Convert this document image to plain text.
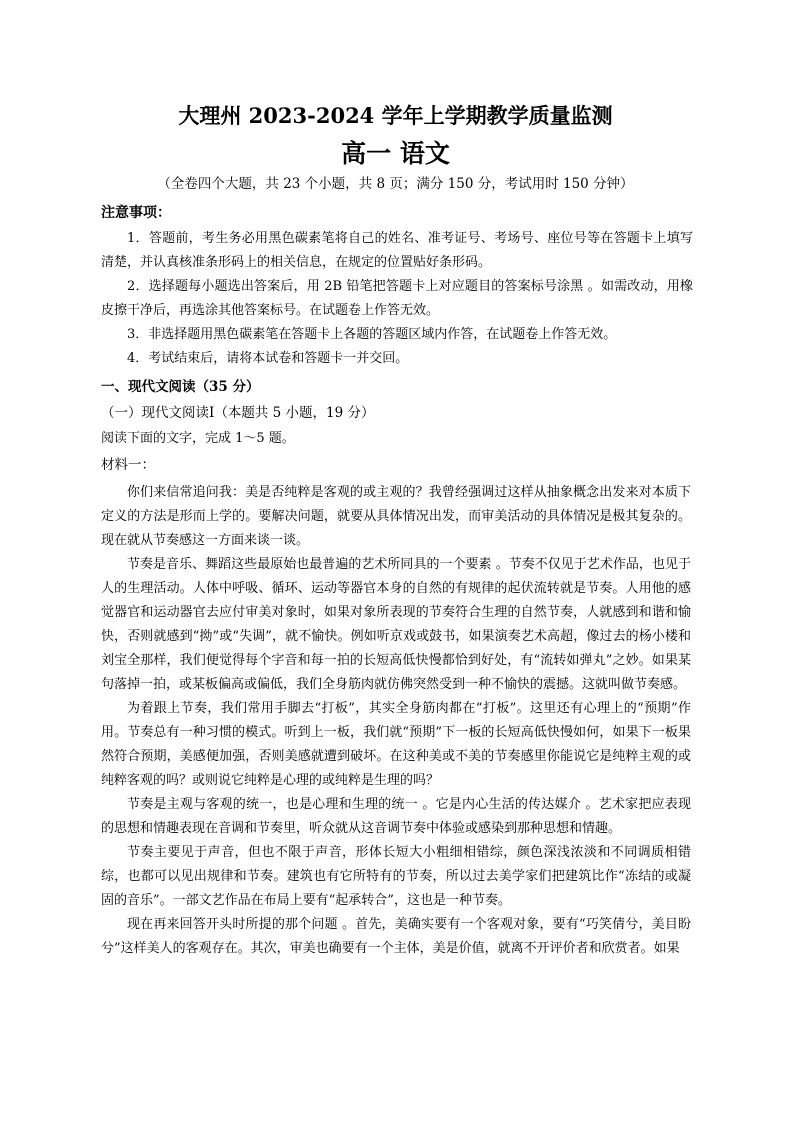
大理州 2023-2024 学年上学期教学质量监测
高一 语文
（全卷四个大题，共 23 个小题，共 8 页；满分 150 分，考试用时 150 分钟）
注意事项：
1．答题前，考生务必用黑色碳素笔将自己的姓名、准考证号、考场号、座位号等在答题卡上填写清楚，并认真核准条形码上的相关信息，在规定的位置贴好条形码。
2．选择题每小题选出答案后，用 2B 铅笔把答题卡上对应题目的答案标号涂黑 。如需改动，用橡皮擦干净后，再选涂其他答案标号。在试题卷上作答无效。
3．非选择题用黑色碳素笔在答题卡上各题的答题区域内作答，在试题卷上作答无效。
4．考试结束后，请将本试卷和答题卡一并交回。
一、现代文阅读（35 分）
（一）现代文阅读Ⅰ（本题共 5 小题，19 分）
阅读下面的文字，完成 1～5 题。
材料一：

你们来信常追问我：美是否纯粹是客观的或主观的？我曾经强调过这样从抽象概念出发来对本质下定义的方法是形而上学的。要解决问题，就要从具体情况出发，而审美活动的具体情况是极其复杂的。现在就从节奏感这一方面来谈一谈。

节奏是音乐、舞蹈这些最原始也最普遍的艺术所同具的一个要素 。节奏不仅见于艺术作品，也见于人的生理活动。人体中呼吸、循环、运动等器官本身的自然的有规律的起伏流转就是节奏。人用他的感觉器官和运动器官去应付审美对象时，如果对象所表现的节奏符合生理的自然节奏，人就感到和谐和愉快，否则就感到“拗”或“失调”，就不愉快。例如听京戏或鼓书，如果演奏艺术高超，像过去的杨小楼和刘宝全那样，我们便觉得每个字音和每一拍的长短高低快慢都恰到好处，有“流转如弹丸”之妙。如果某句落掉一拍，或某板偏高或偏低，我们全身筋肉就仿佛突然受到一种不愉快的震撼。这就叫做节奏感。

为着跟上节奏，我们常用手脚去“打板”，其实全身筋肉都在“打板”。这里还有心理上的“预期”作用。节奏总有一种习惯的模式。听到上一板，我们就“预期”下一板的长短高低快慢如何，如果下一板果然符合预期，美感便加强，否则美感就遭到破坏。在这种美或不美的节奏感里你能说它是纯粹主观的或纯粹客观的吗？或则说它纯粹是心理的或纯粹是生理的吗？

节奏是主观与客观的统一，也是心理和生理的统一 。它是内心生活的传达媒介 。艺术家把应表现的思想和情趣表现在音调和节奏里，听众就从这音调节奏中体验或感染到那种思想和情趣。

节奏主要见于声音，但也不限于声音，形体长短大小粗细相错综，颜色深浅浓淡和不同调质相错综，也都可以见出规律和节奏。建筑也有它所特有的节奏，所以过去美学家们把建筑比作“冻结的或凝固的音乐”。一部文艺作品在布局上要有“起承转合”，这也是一种节奏。

现在再来回答开头时所提的那个问题 。首先，美确实要有一个客观对象，要有“巧笑倩兮，美目盼兮”这样美人的客观存在。其次，审美也确要有一个主体，美是价值，就离不开评价者和欣赏者。如果
